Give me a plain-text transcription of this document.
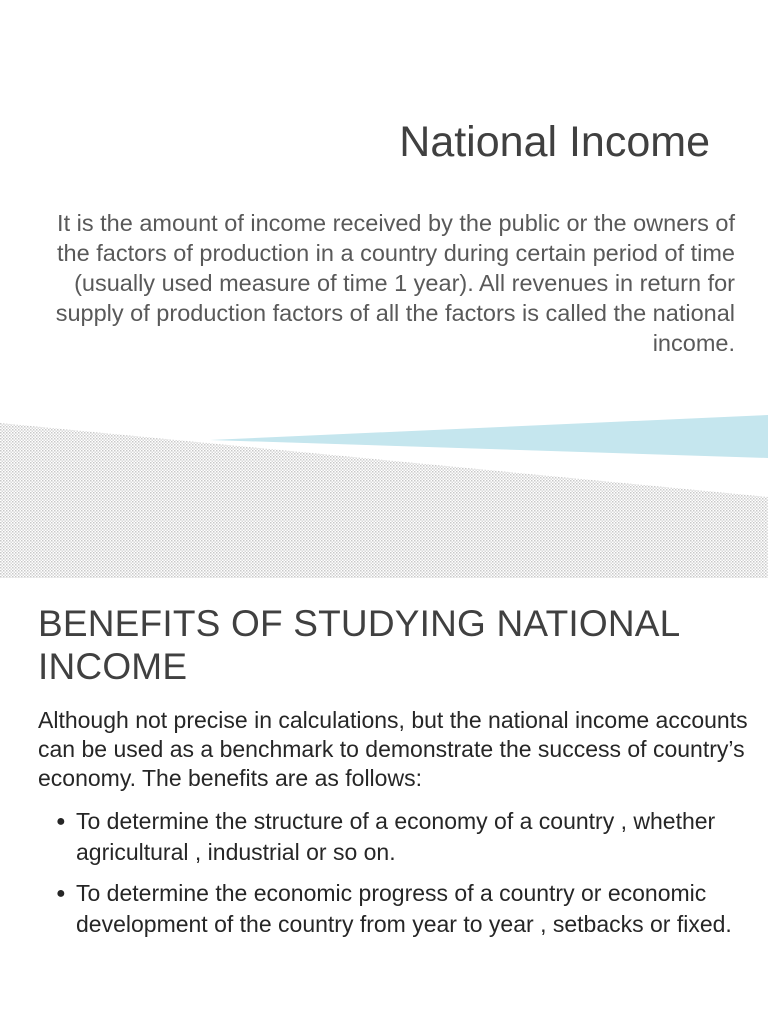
National Income

It is the amount of income received by the public or the owners of the factors of production in a country during certain period of time (usually used measure of time 1 year). All revenues in return for supply of production factors of all the factors is called the national income.

BENEFITS OF STUDYING NATIONAL INCOME

Although not precise in calculations, but the national income accounts can be used as a benchmark to demonstrate the success of country’s economy. The benefits are as follows:

● To determine the structure of a economy of a country , whether agricultural , industrial or so on.
● To determine the economic progress of a country or economic development of the country from year to year , setbacks or fixed.
